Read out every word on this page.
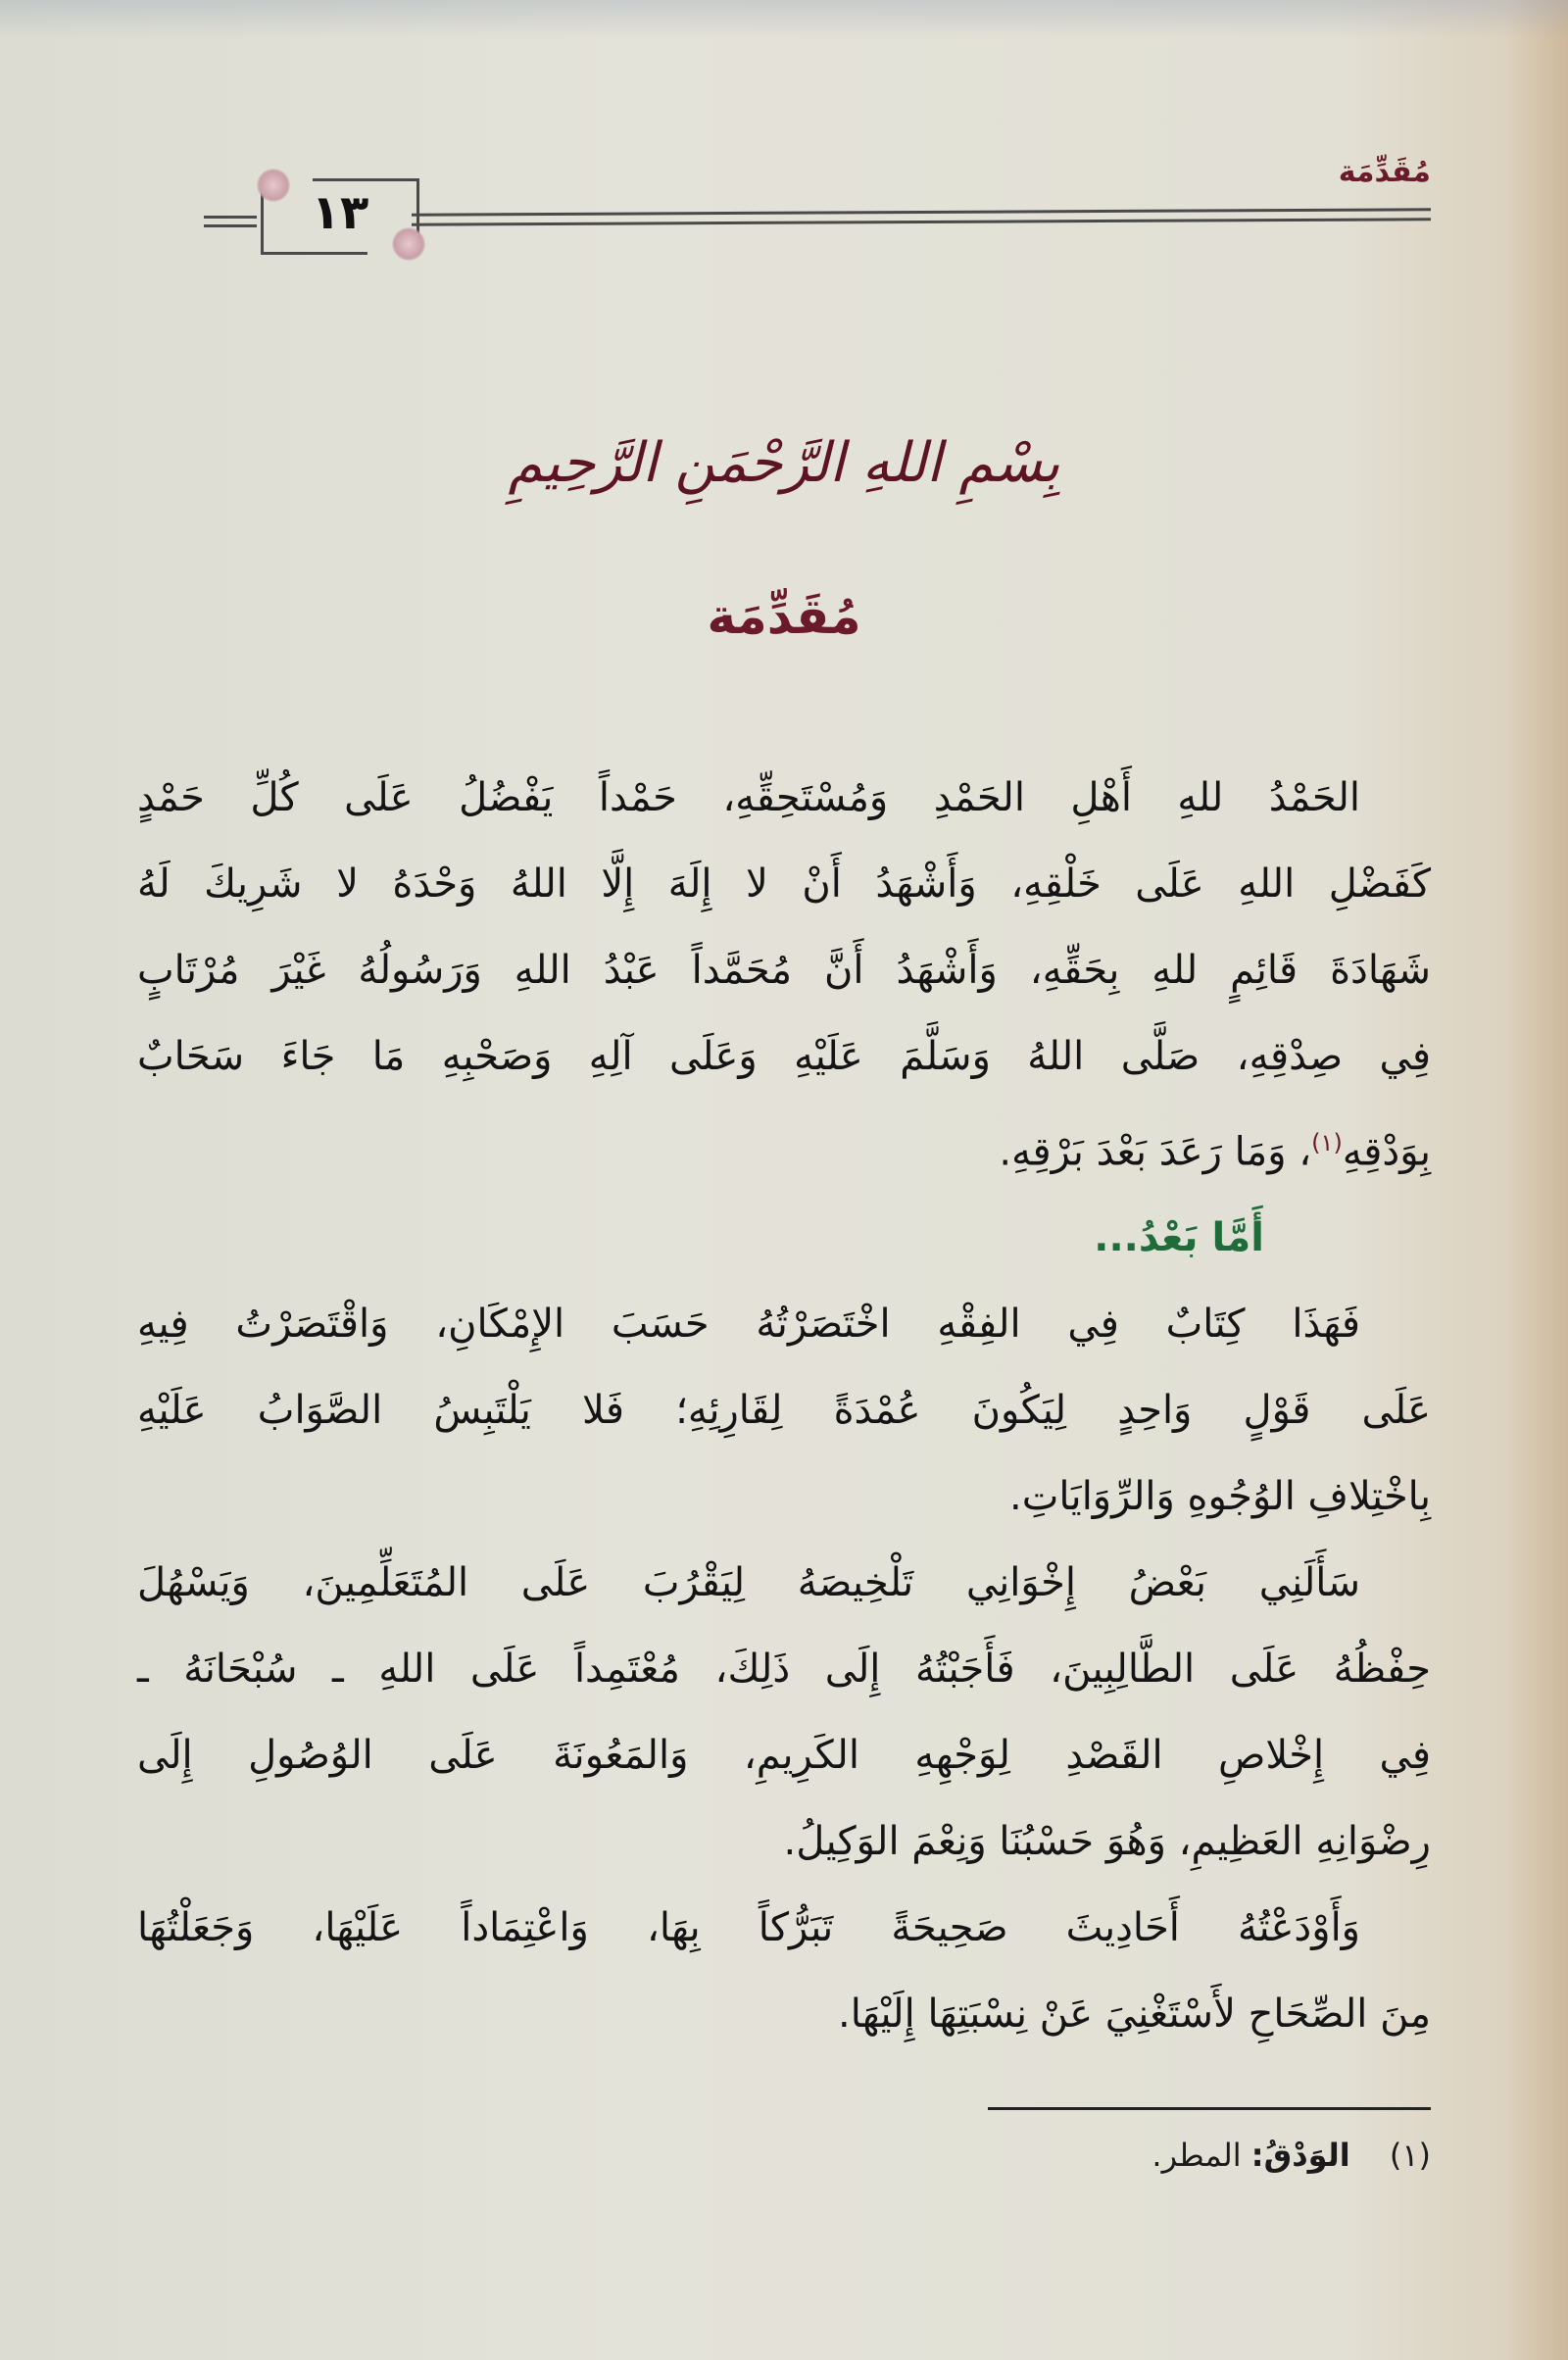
مُقَدِّمَة
١٣
بِسْمِ اللهِ الرَّحْمَنِ الرَّحِيمِ
مُقَدِّمَة
الحَمْدُ للهِ أَهْلِ الحَمْدِ وَمُسْتَحِقِّهِ، حَمْداً يَفْضُلُ عَلَى كُلِّ حَمْدٍ
كَفَضْلِ اللهِ عَلَى خَلْقِهِ، وَأَشْهَدُ أَنْ لا إِلَهَ إِلَّا اللهُ وَحْدَهُ لا شَرِيكَ لَهُ
شَهَادَةَ قَائِمٍ للهِ بِحَقِّهِ، وَأَشْهَدُ أَنَّ مُحَمَّداً عَبْدُ اللهِ وَرَسُولُهُ غَيْرَ مُرْتَابٍ
فِي صِدْقِهِ، صَلَّى اللهُ وَسَلَّمَ عَلَيْهِ وَعَلَى آلِهِ وَصَحْبِهِ مَا جَاءَ سَحَابٌ
بِوَدْقِهِ$^{(١)}$، وَمَا رَعَدَ بَعْدَ بَرْقِهِ.
أَمَّا بَعْدُ...
فَهَذَا كِتَابٌ فِي الفِقْهِ اخْتَصَرْتُهُ حَسَبَ الإِمْكَانِ، وَاقْتَصَرْتُ فِيهِ
عَلَى قَوْلٍ وَاحِدٍ لِيَكُونَ عُمْدَةً لِقَارِئِهِ؛ فَلا يَلْتَبِسُ الصَّوَابُ عَلَيْهِ
بِاخْتِلافِ الوُجُوهِ وَالرِّوَايَاتِ.
سَأَلَنِي بَعْضُ إِخْوَانِي تَلْخِيصَهُ لِيَقْرُبَ عَلَى المُتَعَلِّمِينَ، وَيَسْهُلَ
حِفْظُهُ عَلَى الطَّالِبِينَ، فَأَجَبْتُهُ إِلَى ذَلِكَ، مُعْتَمِداً عَلَى اللهِ ـ سُبْحَانَهُ ـ
فِي إِخْلاصِ القَصْدِ لِوَجْهِهِ الكَرِيمِ، وَالمَعُونَةَ عَلَى الوُصُولِ إِلَى
رِضْوَانِهِ العَظِيمِ، وَهُوَ حَسْبُنَا وَنِعْمَ الوَكِيلُ.
وَأَوْدَعْتُهُ أَحَادِيثَ صَحِيحَةً تَبَرُّكاً بِهَا، وَاعْتِمَاداً عَلَيْهَا، وَجَعَلْتُهَا
مِنَ الصِّحَاحِ لأَسْتَغْنِيَ عَنْ نِسْبَتِهَا إِلَيْهَا.
(١) الوَدْقُ: المطر.
